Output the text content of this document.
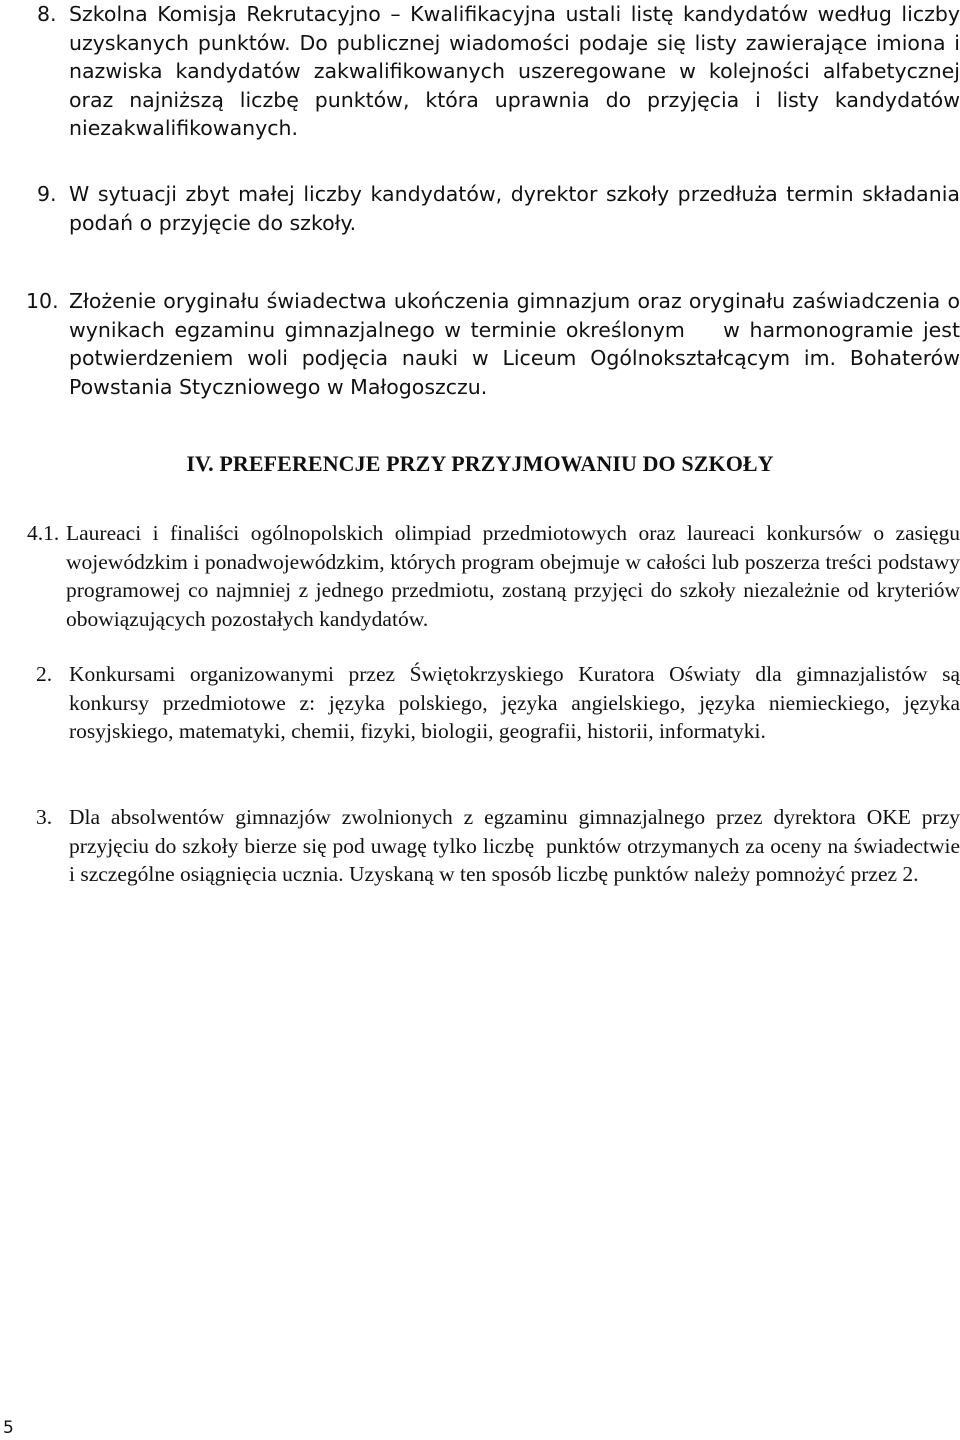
8. Szkolna Komisja Rekrutacyjno – Kwalifikacyjna ustali listę kandydatów według liczby uzyskanych punktów. Do publicznej wiadomości podaje się listy zawierające imiona i nazwiska kandydatów zakwalifikowanych uszeregowane w kolejności alfabetycznej oraz najniższą liczbę punktów, która uprawnia do przyjęcia i listy kandydatów niezakwalifikowanych.
9. W sytuacji zbyt małej liczby kandydatów, dyrektor szkoły przedłuża termin składania podań o przyjęcie do szkoły.
10. Złożenie oryginału świadectwa ukończenia gimnazjum oraz oryginału zaświadczenia o wynikach egzaminu gimnazjalnego w terminie określonym    w harmonogramie jest potwierdzeniem woli podjęcia nauki w Liceum Ogólnokształcącym im. Bohaterów Powstania Styczniowego w Małogoszczu.
IV. PREFERENCJE PRZY PRZYJMOWANIU DO SZKOŁY
4.1. Laureaci i finaliści ogólnopolskich olimpiad przedmiotowych oraz laureaci konkursów o zasięgu wojewódzkim i ponadwojewódzkim, których program obejmuje w całości lub poszerza treści podstawy programowej co najmniej z jednego przedmiotu, zostaną przyjęci do szkoły niezależnie od kryteriów obowiązujących pozostałych kandydatów.
2. Konkursami organizowanymi przez Świętokrzyskiego Kuratora Oświaty dla gimnazjalistów są konkursy przedmiotowe z: języka polskiego, języka angielskiego, języka niemieckiego, języka rosyjskiego, matematyki, chemii, fizyki, biologii, geografii, historii, informatyki.
3. Dla absolwentów gimnazjów zwolnionych z egzaminu gimnazjalnego przez dyrektora OKE przy przyjęciu do szkoły bierze się pod uwagę tylko liczbę  punktów otrzymanych za oceny na świadectwie i szczególne osiągnięcia ucznia. Uzyskaną w ten sposób liczbę punktów należy pomnożyć przez 2.
5
